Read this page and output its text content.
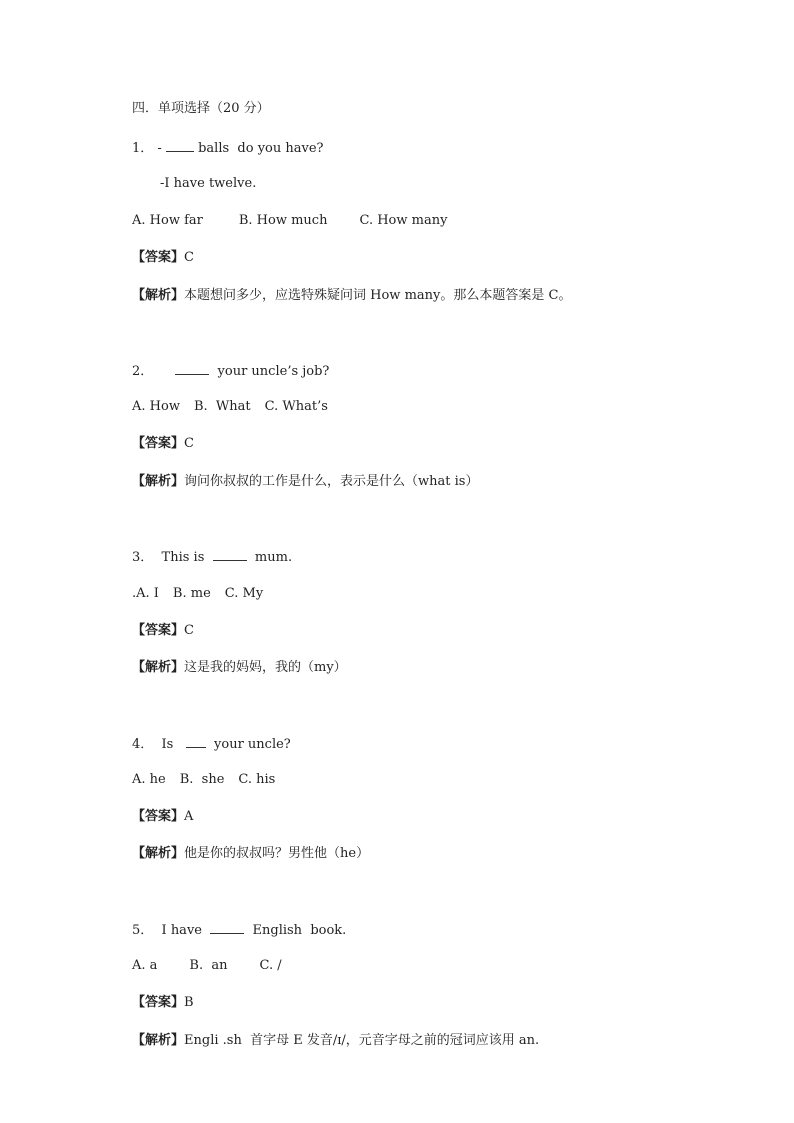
四．单项选择（20 分）
1． -	balls  do you have?
-I have twelve.
A. How far	B. How much C. How many
【答案】C
【解析】本题想问多少，应选特殊疑问词 How many。那么本题答案是 C。
2．	your uncle’s job?
A. How B.  What C. What’s
【答案】C
【解析】询问你叔叔的工作是什么，表示是什么（what is）
3． This is	mum.
.A. I B. me C. My
【答案】C
【解析】这是我的妈妈，我的（my）
4． Is	your uncle?
A. he B.  she C. his
【答案】A
【解析】他是你的叔叔吗？男性他（he）
5． I have	English  book.
A. a B.  an C. /
【答案】B
【解析】Engli .sh  首字母 E 发音/ɪ/，元音字母之前的冠词应该用 an.
